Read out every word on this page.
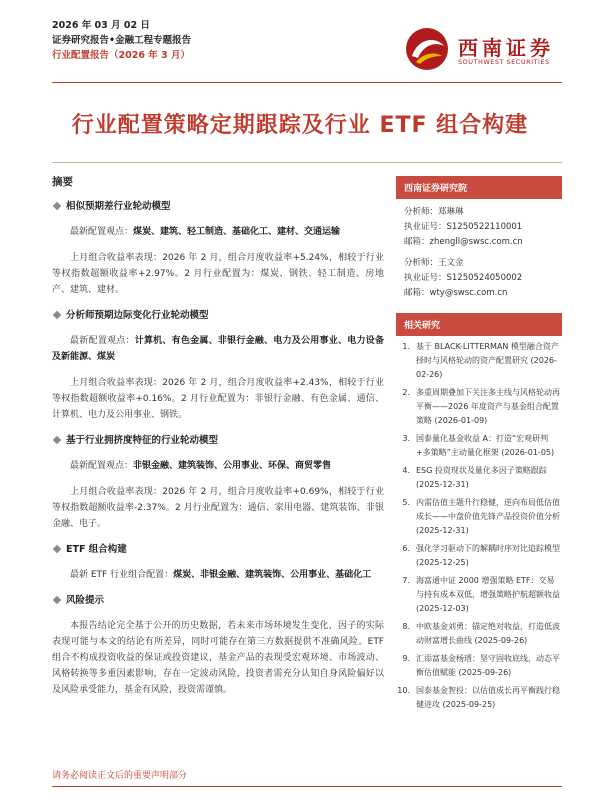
2026 年 03 月 02 日
证券研究报告•金融工程专题报告
行业配置报告（2026 年 3 月）	西南证券
SOUTHWEST SECURITIES
行业配置策略定期跟踪及行业 ETF 组合构建
摘要
相似预期差行业轮动模型

最新配置观点：煤炭、建筑、轻工制造、基础化工、建材、交通运输

上月组合收益率表现：2026 年 2 月，组合月度收益率+5.24%，相较于行业等权指数超额收益率+2.97%。2 月行业配置为：煤炭、钢铁、轻工制造、房地产、建筑、建材。

分析师预期边际变化行业轮动模型

最新配置观点：计算机、有色金属、非银行金融、电力及公用事业、电力设备及新能源、煤炭

上月组合收益率表现：2026 年 2 月，组合月度收益率+2.43%，相较于行业等权指数超额收益率+0.16%。2 月行业配置为：非银行金融、有色金属、通信、计算机、电力及公用事业、钢铁。

基于行业拥挤度特征的行业轮动模型

最新配置观点：非银金融、建筑装饰、公用事业、环保、商贸零售

上月组合收益率表现：2026 年 2 月，组合月度收益率+0.69%，相较于行业等权指数超额收益率-2.37%。2 月行业配置为：通信、家用电器、建筑装饰、非银金融、电子。

ETF 组合构建

最新 ETF 行业组合配置：煤炭、非银金融、建筑装饰、公用事业、基础化工

风险提示

本报告结论完全基于公开的历史数据，若未来市场环境发生变化，因子的实际表现可能与本文的结论有所差异，同时可能存在第三方数据提供不准确风险。ETF 组合不构成投资收益的保证或投资建议，基金产品的表现受宏观环境、市场波动、风格转换等多重因素影响，存在一定波动风险，投资者需充分认知自身风险偏好以及风险承受能力，基金有风险，投资需谨慎。

西南证券研究院
分析师：郑琳琳
执业证号：S1250522110001
邮箱：zhengll@swsc.com.cn
分析师：王文金
执业证号：S1250524050002
邮箱：wty@swsc.com.cn
相关研究
1. 基于 BLACK-LITTERMAN 模型融合资产择时与风格轮动的资产配置研究 (2026-02-26)
2. 多重周期叠加下关注多主线与风格轮动再平衡——2026 年度资产与基金组合配置策略 (2026-01-09)
3. 国泰量化基金收益 A：打造“宏观研判+多策略”主动量化框架 (2026-01-05)
4. ESG 投资现状及量化多因子策略跟踪 (2025-12-31)
5. 内需估值主题升行稳健，逆向布局低估值成长——中盘价值先锋产品投资价值分析 (2025-12-31)
6. 强化学习驱动下的解耦时序对比追踪模型 (2025-12-25)
7. 海富通中证 2000 增强策略 ETF：交易与持有成本双低，增强策略护航超额收益 (2025-12-03)
8. 中欧基金刘勇：锚定绝对收益，打造低波动财富增长曲线 (2025-09-26)
9. 汇添富基金杨瑨：坚守固收底线，动态平衡估值赋能 (2025-09-26)
10. 国泰基金智投：以估值成长再平衡践行稳健进攻 (2025-09-25)
请务必阅读正文后的重要声明部分
